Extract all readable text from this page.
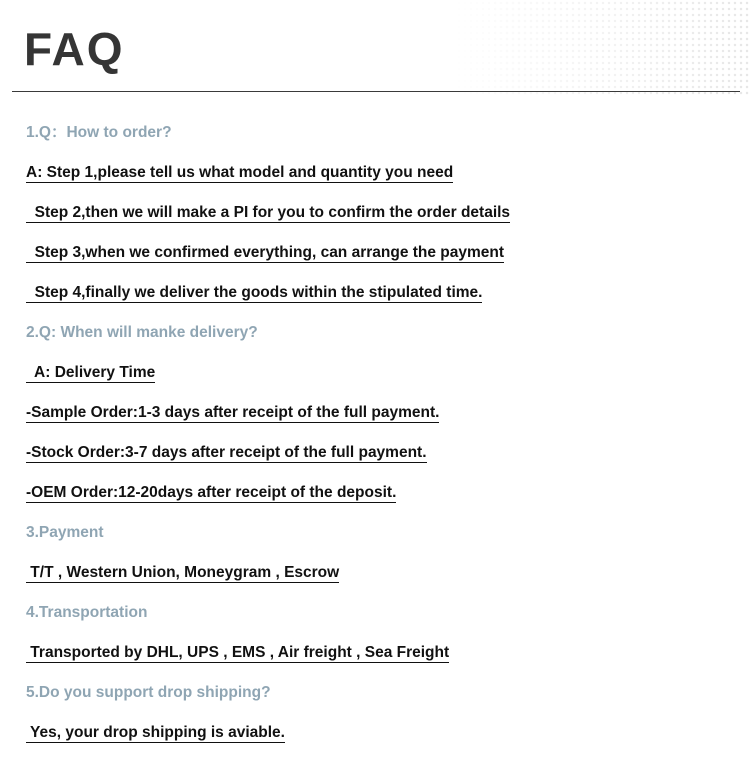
FAQ
1.Q：How to order?
A: Step 1,please tell us what model and quantity you need
Step 2,then we will make a PI for you to confirm the order details
Step 3,when we confirmed everything, can arrange the payment
Step 4,finally we deliver the goods within the stipulated time.
2.Q: When will manke delivery?
A: Delivery Time
-Sample Order:1-3 days after receipt of the full payment.
-Stock Order:3-7 days after receipt of the full payment.
-OEM Order:12-20days after receipt of the deposit.
3.Payment
T/T , Western Union, Moneygram , Escrow
4.Transportation
Transported by DHL, UPS , EMS , Air freight , Sea Freight
5.Do you support drop shipping?
Yes, your drop shipping is aviable.
